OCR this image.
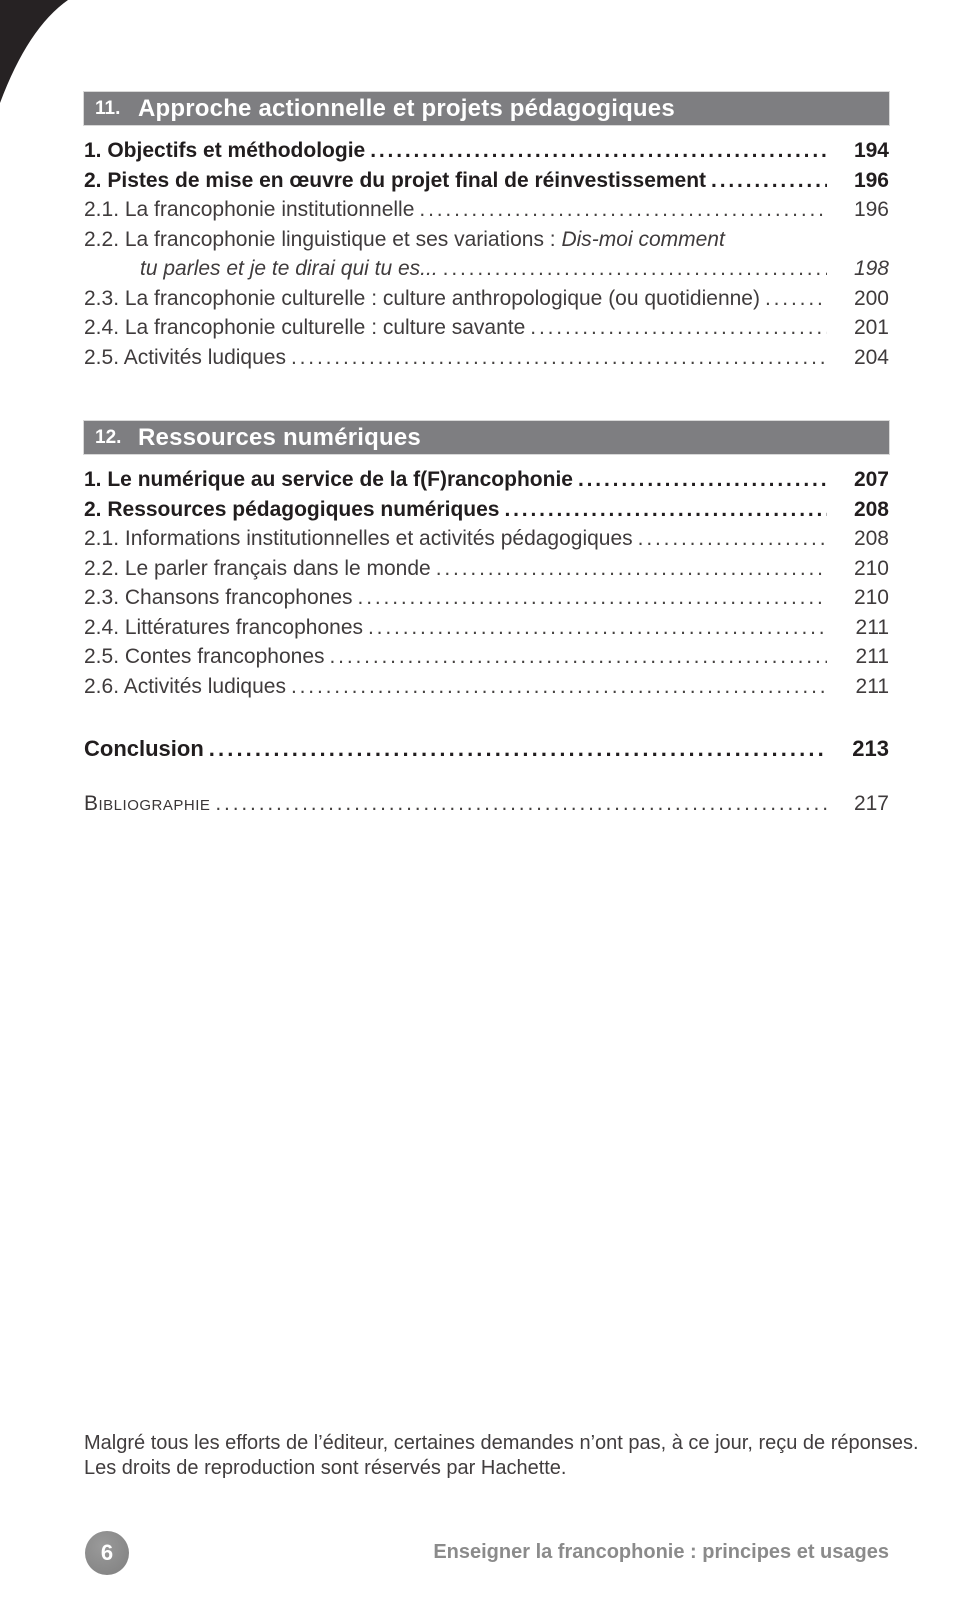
11. Approche actionnelle et projets pédagogiques
1. Objectifs et méthodologie . . .	194
2. Pistes de mise en œuvre du projet final de réinvestissement . . .	196
2.1. La francophonie institutionnelle . . .	196
2.2. La francophonie linguistique et ses variations : Dis-moi comment
tu parles et je te dirai qui tu es... . . .	198
2.3. La francophonie culturelle : culture anthropologique (ou quotidienne) . . .	200
2.4. La francophonie culturelle : culture savante . . .	201
2.5. Activités ludiques . . .	204
12. Ressources numériques
1. Le numérique au service de la f(F)rancophonie . . .	207
2. Ressources pédagogiques numériques . . .	208
2.1. Informations institutionnelles et activités pédagogiques . . .	208
2.2. Le parler français dans le monde . . .	210
2.3. Chansons francophones . . .	210
2.4. Littératures francophones . . .	211
2.5. Contes francophones . . .	211
2.6. Activités ludiques . . .	211
Conclusion . . .	213
Bibliographie . . .	217
Malgré tous les efforts de l’éditeur, certaines demandes n’ont pas, à ce jour, reçu de réponses.
Les droits de reproduction sont réservés par Hachette.
6	Enseigner la francophonie : principes et usages
